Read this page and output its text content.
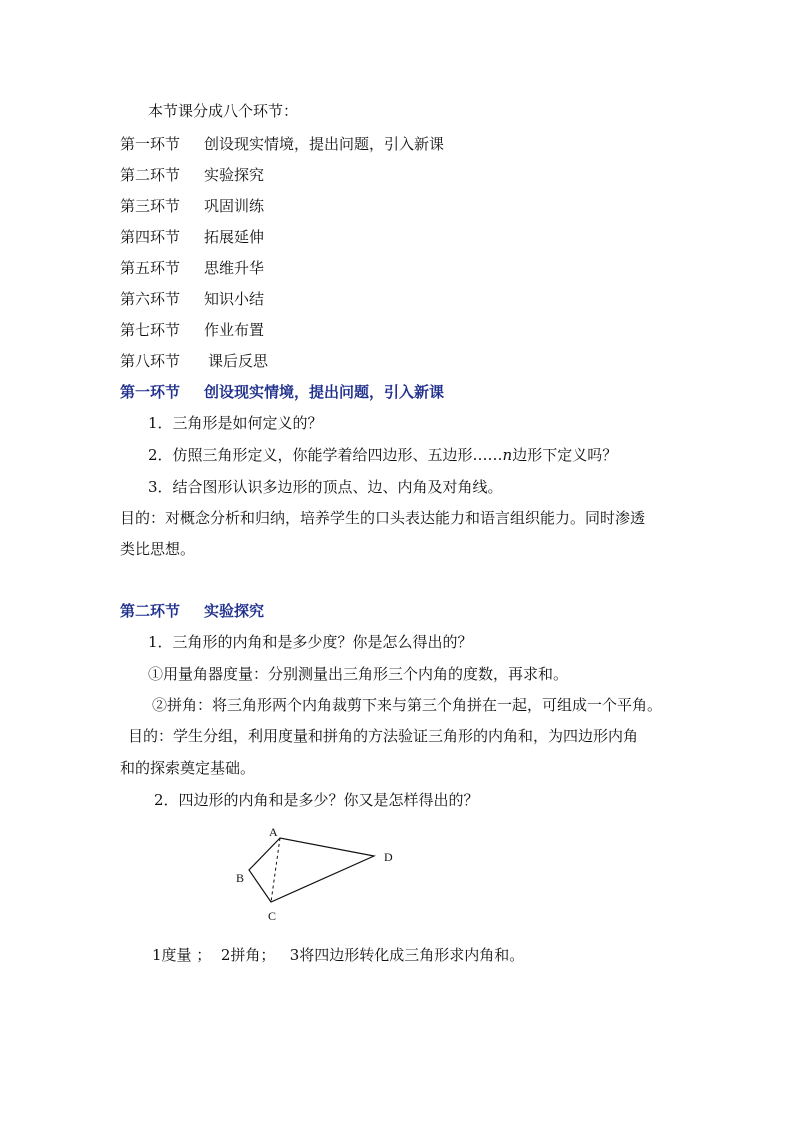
本节课分成八个环节：
第一环节 创设现实情境，提出问题，引入新课
第二环节 实验探究
第三环节 巩固训练
第四环节 拓展延伸
第五环节 思维升华
第六环节 知识小结
第七环节 作业布置
第八环节 课后反思
第一环节 创设现实情境，提出问题，引入新课
1．三角形是如何定义的？
2．仿照三角形定义，你能学着给四边形、五边形……n边形下定义吗？
3．结合图形认识多边形的顶点、边、内角及对角线。
目的：对概念分析和归纳，培养学生的口头表达能力和语言组织能力。同时渗透
类比思想。
第二环节 实验探究
1．三角形的内角和是多少度？你是怎么得出的？
①用量角器度量：分别测量出三角形三个内角的度数，再求和。
②拼角：将三角形两个内角裁剪下来与第三个角拼在一起，可组成一个平角。
目的：学生分组，利用度量和拼角的方法验证三角形的内角和，为四边形内角
和的探索奠定基础。
2．四边形的内角和是多少？你又是怎样得出的？
A
B
C
D
1度量 ；  2拼角；   3将四边形转化成三角形求内角和。
